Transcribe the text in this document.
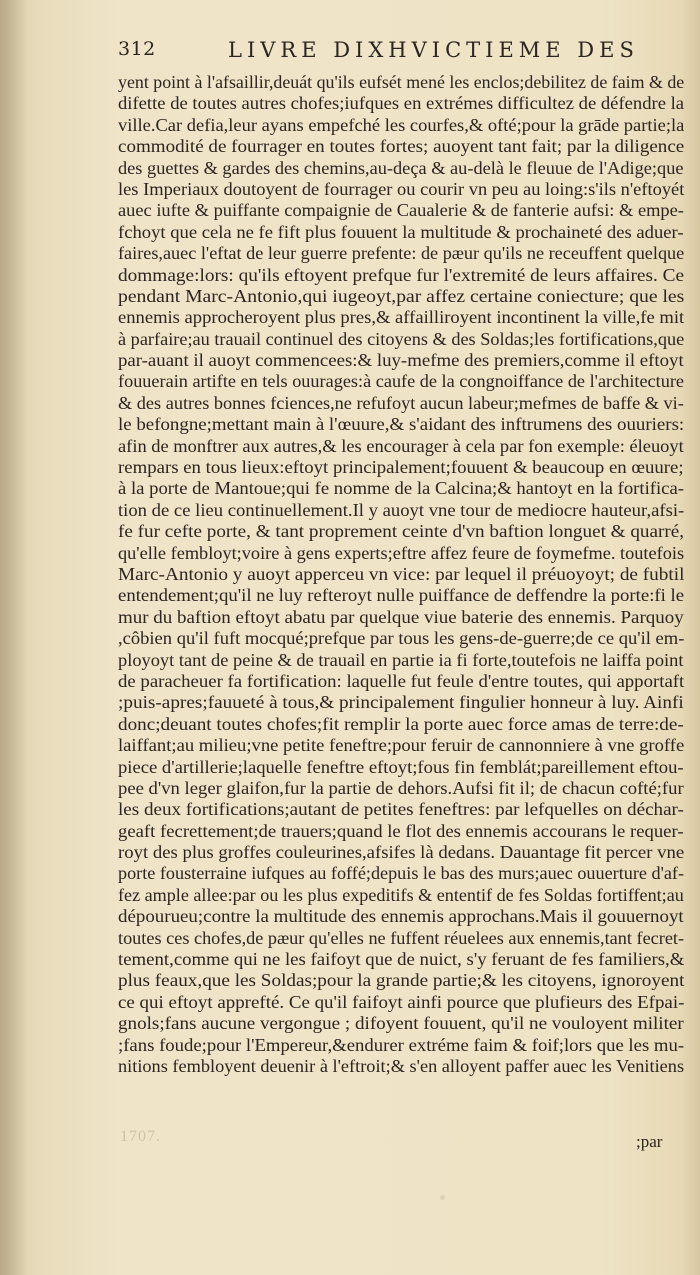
312	LIVRE DIXHVICTIEME DES
yent point à l'afsaillir,deuát qu'ils eufsét mené les enclos;debilitez de faim & de
difette de toutes autres chofes;iufques en extrémes difficultez de défendre la
ville.Car defia,leur ayans empefché les courfes,& ofté;pour la grāde partie;la
commodité de fourrager en toutes fortes; auoyent tant fait; par la diligence
des guettes & gardes des chemins,au-deça & au-delà le fleuue de l'Adige;que
les Imperiaux doutoyent de fourrager ou courir vn peu au loing:s'ils n'eftoyét
auec iufte & puiffante compaignie de Caualerie & de fanterie aufsi: & empe-
fchoyt que cela ne fe fift plus fouuent la multitude & prochaineté des aduer-
faires,auec l'eftat de leur guerre prefente: de pæur qu'ils ne receuffent quelque
dommage:lors: qu'ils eftoyent prefque fur l'extremité de leurs affaires. Ce
pendant Marc-Antonio,qui iugeoyt,par affez certaine coniecture; que les
ennemis approcheroyent plus pres,& affailliroyent incontinent la ville,fe mit
à parfaire;au trauail continuel des citoyens & des Soldas;les fortifications,que
par-auant il auoyt commencees:& luy-mefme des premiers,comme il eftoyt
fouuerain artifte en tels ouurages:à caufe de la congnoiffance de l'architecture
& des autres bonnes fciences,ne refufoyt aucun labeur;mefmes de baffe & vi-
le befongne;mettant main à l'œuure,& s'aidant des inftrumens des ouuriers:
afin de monftrer aux autres,& les encourager à cela par fon exemple: éleuoyt
rempars en tous lieux:eftoyt principalement;fouuent & beaucoup en œuure;
à la porte de Mantoue;qui fe nomme de la Calcina;& hantoyt en la fortifica-
tion de ce lieu continuellement.Il y auoyt vne tour de mediocre hauteur,afsi-
fe fur cefte porte, & tant proprement ceinte d'vn baftion longuet & quarré,
qu'elle fembloyt;voire à gens experts;eftre affez feure de foymefme. toutefois
Marc-Antonio y auoyt apperceu vn vice: par lequel il préuoyoyt; de fubtil
entendement;qu'il ne luy refteroyt nulle puiffance de deffendre la porte:fi le
mur du baftion eftoyt abatu par quelque viue baterie des ennemis. Parquoy
,côbien qu'il fuft mocqué;prefque par tous les gens-de-guerre;de ce qu'il em-
ployoyt tant de peine & de trauail en partie ia fi forte,toutefois ne laiffa point
de paracheuer fa fortification: laquelle fut feule d'entre toutes, qui apportaft
;puis-apres;fauueté à tous,& principalement fingulier honneur à luy. Ainfi
donc;deuant toutes chofes;fit remplir la porte auec force amas de terre:de-
laiffant;au milieu;vne petite feneftre;pour feruir de cannonniere à vne groffe
piece d'artillerie;laquelle feneftre eftoyt;fous fin femblát;pareillement eftou-
pee d'vn leger glaifon,fur la partie de dehors.Aufsi fit il; de chacun cofté;fur
les deux fortifications;autant de petites feneftres: par lefquelles on déchar-
geaft fecrettement;de trauers;quand le flot des ennemis accourans le requer-
royt des plus groffes couleurines,afsifes là dedans. Dauantage fit percer vne
porte fousterraine iufques au foffé;depuis le bas des murs;auec ouuerture d'af-
fez ample allee:par ou les plus expeditifs & ententif de fes Soldas fortiffent;au
dépourueu;contre la multitude des ennemis approchans.Mais il gouuernoyt
toutes ces chofes,de pæur qu'elles ne fuffent réuelees aux ennemis,tant fecret-
tement,comme qui ne les faifoyt que de nuict, s'y feruant de fes familiers,&
plus feaux,que les Soldas;pour la grande partie;& les citoyens, ignoroyent
ce qui eftoyt apprefté. Ce qu'il faifoyt ainfi pource que plufieurs des Efpai-
gnols;fans aucune vergongue ; difoyent fouuent, qu'il ne vouloyent militer
;fans foude;pour l'Empereur,&endurer extréme faim & foif;lors que les mu-
nitions fembloyent deuenir à l'eftroit;& s'en alloyent paffer auec les Venitiens
1707.	;par
